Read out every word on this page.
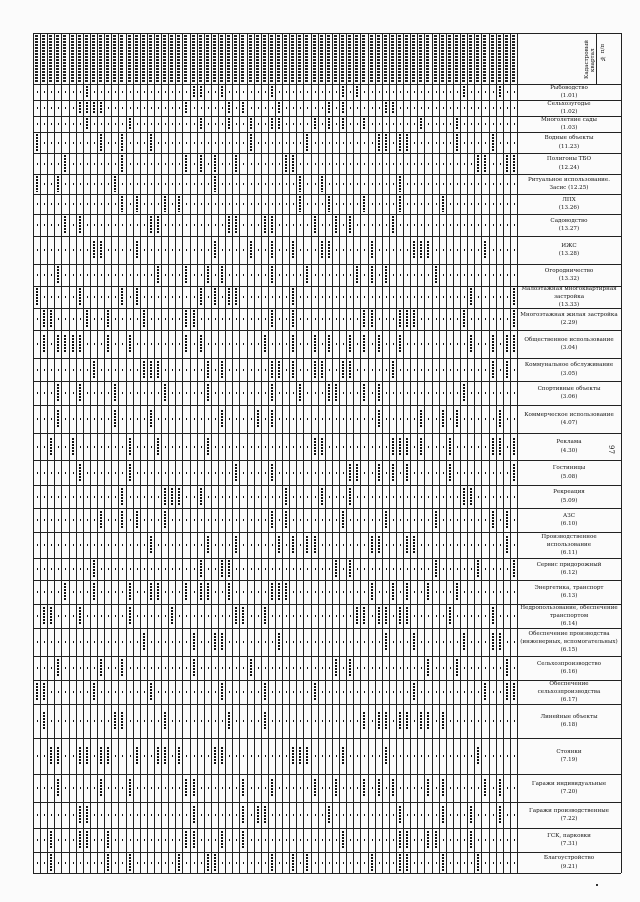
№ п/п
Кадастровый квартал
Рыбоводство
(1.01)
Сельхозугодье
(1.02)
Многолетние сады
(1.03)
Водные объекты
(11.23)
Полигоны ТБО
(12.24)
Ритуальное использование.
Засис (12.25)
ЛПХ
(13.26)
Садоводство
(13.27)
ИЖС
(13.28)
Огородничество
(13.32)
Малоэтажная многоквартирная застройка
(13.33)
Многоэтажная жилая застройка
(2.29)
Общественное использование
(3.04)
Коммунальное обслуживание (3.05)
Спортивные объекты
(3.06)
Коммерческое использование
(4.07)
Реклама
(4.30)
Гостиницы
(5.08)
Рекреация
(5.09)
АЗС
(6.10)
Производственное использование
(6.11)
Сервис придорожный
(6.12)
Энергетика, транспорт
(6.13)
Недропользование, обеспечение транспортом
(6.14)
Обеспечение производства (инженерных, вспомогательных)
(6.15)
Сельхозпроизводство
(6.16)
Обеспечение сельхозпроизводства
(6.17)
Линейные объекты
(6.18)
Стоянки
(7.19)
Гаражи индивидуальные
(7.20)
Гаражи производственные
(7.22)
ГСК, парковки
(7.31)
Благоустройство
(9.21)
97
